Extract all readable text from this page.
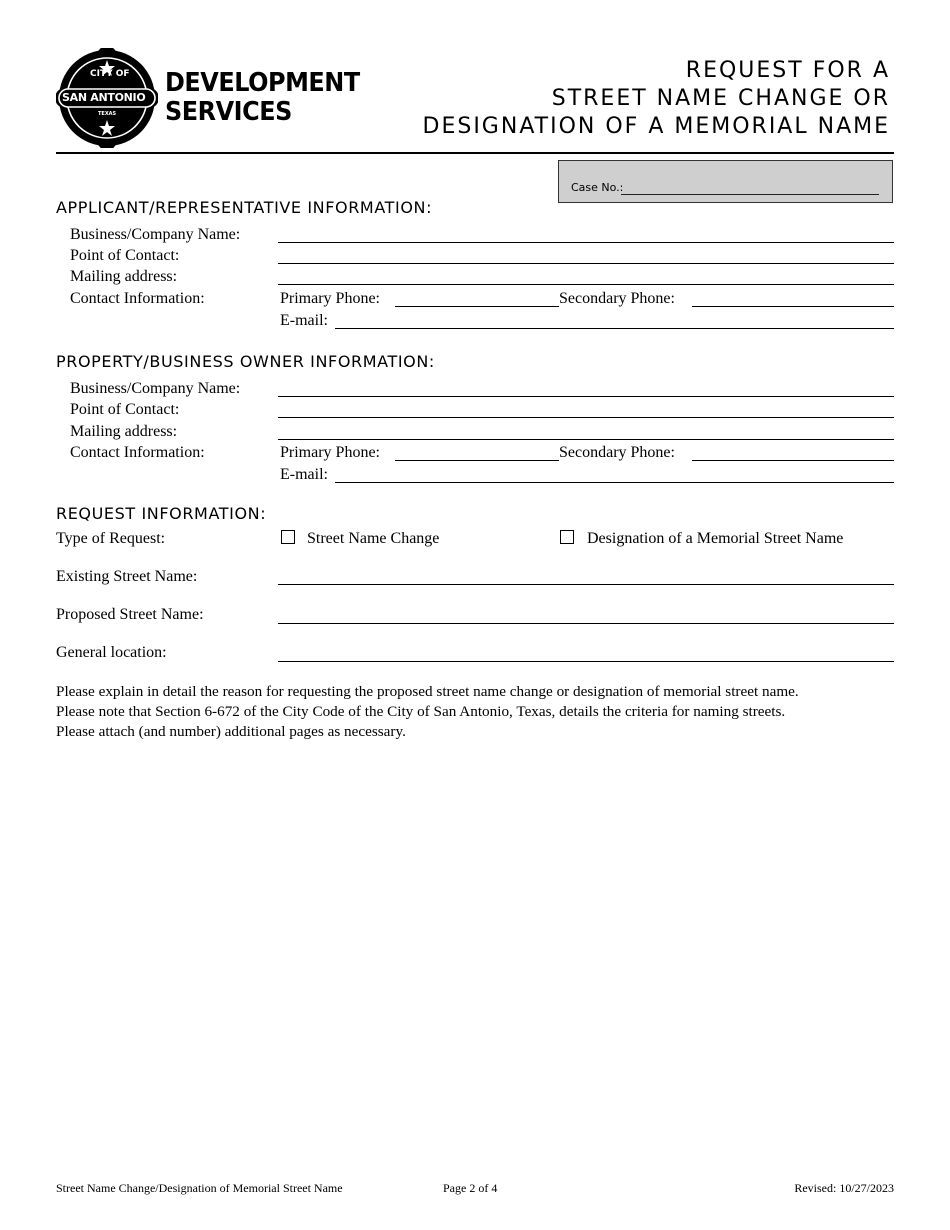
CITY OF
SAN ANTONIO
TEXAS
DEVELOPMENT
SERVICES
REQUEST FOR A
STREET NAME CHANGE OR
DESIGNATION OF A MEMORIAL NAME
Case No.:
APPLICANT/REPRESENTATIVE INFORMATION:
Business/Company Name:
Point of Contact:
Mailing address:
Contact Information:	Primary Phone:	Secondary Phone:
E-mail:
PROPERTY/BUSINESS OWNER INFORMATION:
Business/Company Name:
Point of Contact:
Mailing address:
Contact Information:	Primary Phone:	Secondary Phone:
E-mail:
REQUEST INFORMATION:
Type of Request:	Street Name Change	Designation of a Memorial Street Name
Existing Street Name:
Proposed Street Name:
General location:
Please explain in detail the reason for requesting the proposed street name change or designation of memorial street name.
Please note that Section 6-672 of the City Code of the City of San Antonio, Texas, details the criteria for naming streets.
Please attach (and number) additional pages as necessary.
Street Name Change/Designation of Memorial Street Name	Page 2 of 4	Revised: 10/27/2023
